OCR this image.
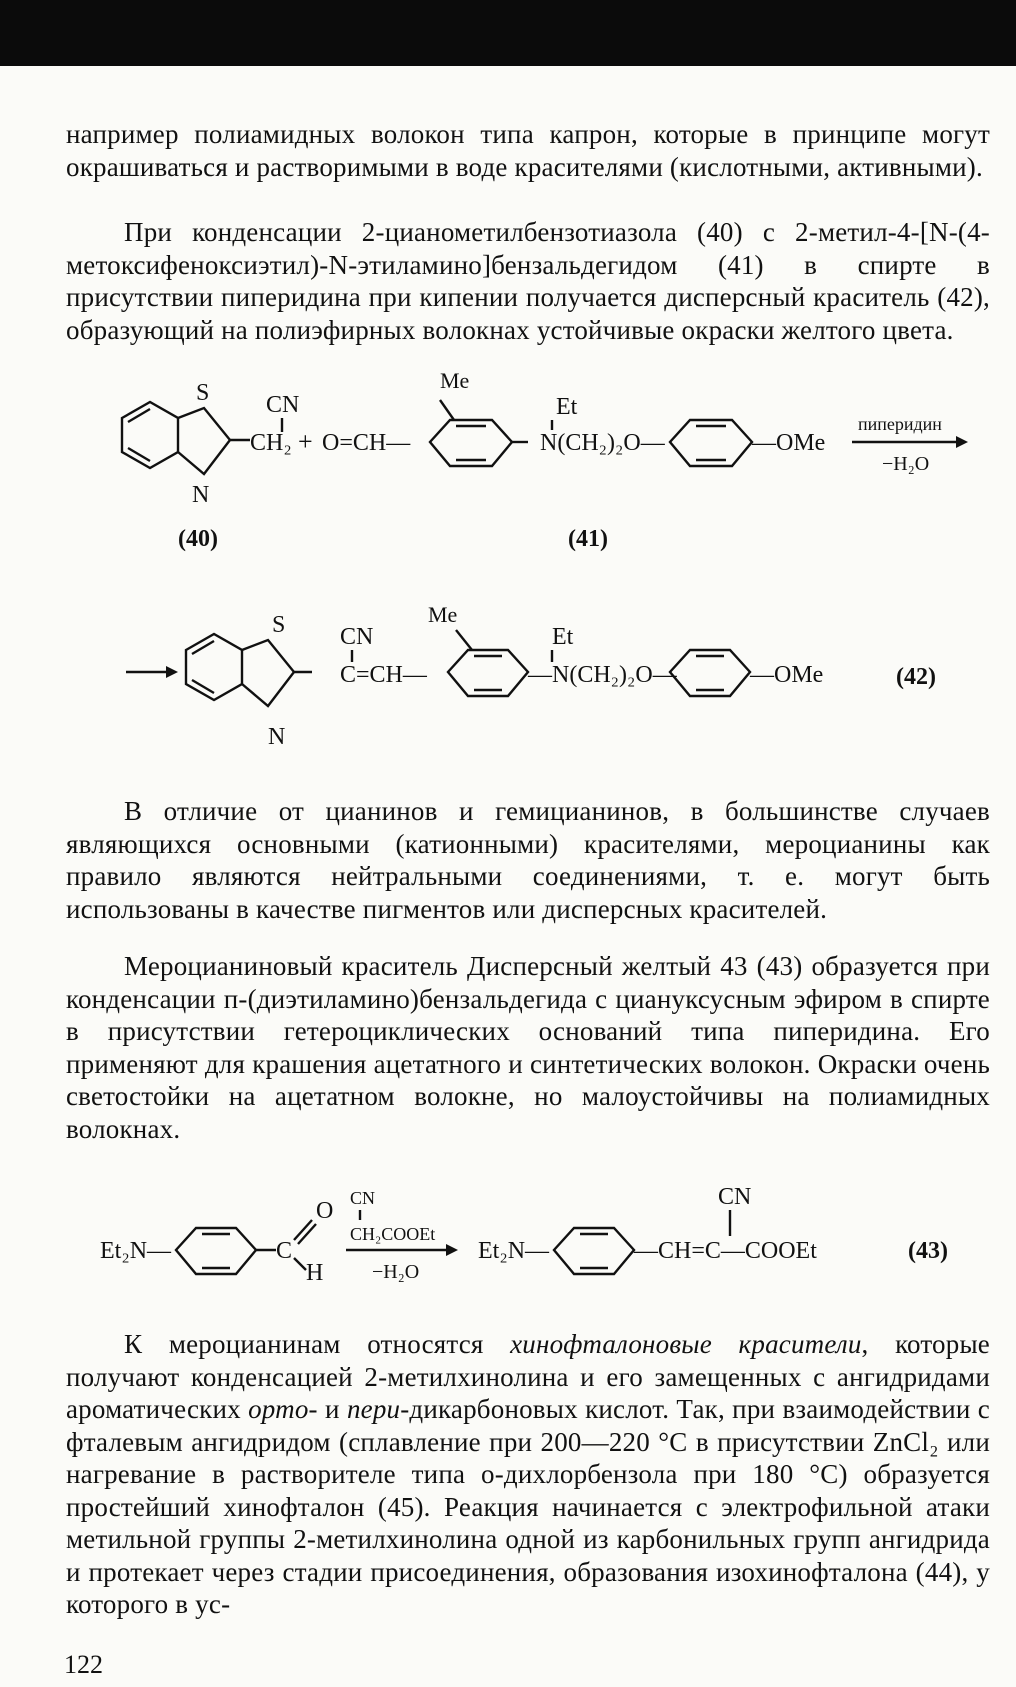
например полиамидных волокон типа капрон, которые в принципе могут окрашиваться и растворимыми в воде красителями (кислотными, активными).
При конденсации 2-цианометилбензотиазола (40) с 2-метил-4-[N-(4-метоксифеноксиэтил)-N-этиламино]бензальдегидом (41) в спирте в присутствии пиперидина при кипении получается дисперсный краситель (42), образующий на полиэфирных волокнах устойчивые окраски желтого цвета.
S
N
CN
CH₂ + O=CH—
Me
Et
N(CH₂)₂O—	—OMe
пиперидин
−H₂O
(40)	(41)
S
N
CN
C=CH—
Me
Et
—N(CH₂)₂O—	—OMe	(42)
В отличие от цианинов и гемицианинов, в большинстве случаев являющихся основными (катионными) красителями, мероцианины как правило являются нейтральными соединениями, т. е. могут быть использованы в качестве пигментов или дисперсных красителей.
Мероцианиновый краситель Дисперсный желтый 43 (43) образуется при конденсации п-(диэтиламино)бензальдегида с циануксусным эфиром в спирте в присутствии гетероциклических оснований типа пиперидина. Его применяют для крашения ацетатного и синтетических волокон. Окраски очень светостойки на ацетатном волокне, но малоустойчивы на полиамидных волокнах.
Et₂N—	C
O
H
CN
CH₂COOEt
−H₂O
Et₂N—	—CH=C—COOEt
CN
(43)
К мероцианинам относятся хинофталоновые красители, которые получают конденсацией 2-метилхинолина и его замещенных с ангидридами ароматических орто- и пери-дикарбоновых кислот. Так, при взаимодействии с фталевым ангидридом (сплавление при 200—220 °C в присутствии ZnCl₂ или нагревание в растворителе типа о-дихлорбензола при 180 °C) образуется простейший хинофталон (45). Реакция начинается с электрофильной атаки метильной группы 2-метилхинолина одной из карбонильных групп ангидрида и протекает через стадии присоединения, образования изохинофталона (44), у которого в ус-
122
